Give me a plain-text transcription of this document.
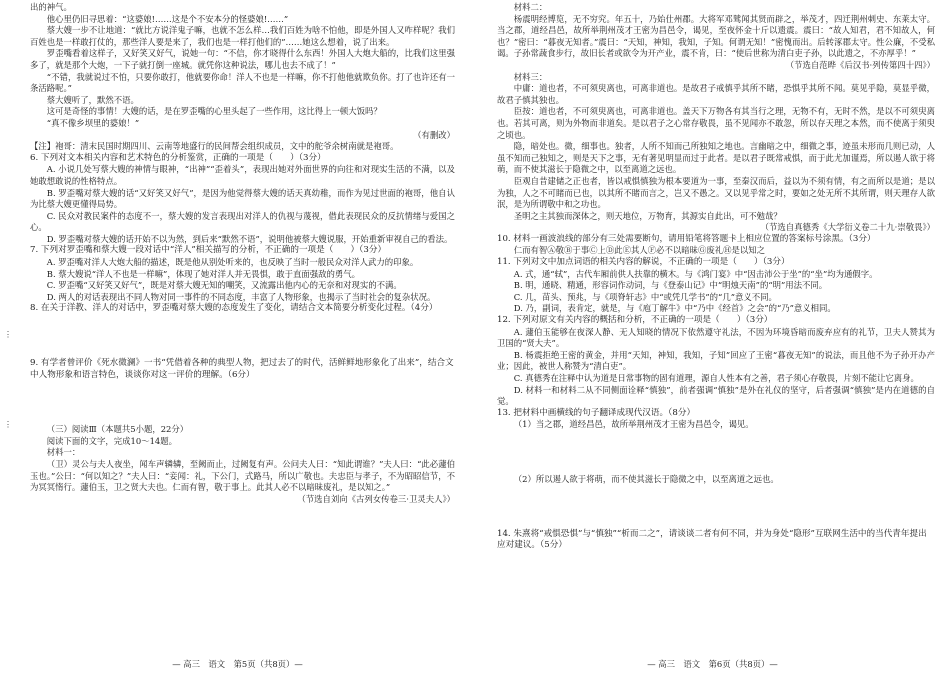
⋮
⋮

出的神气。

他心里仍旧寻思着：“这婆娘!……这是个不安本分的怪婆娘!……”

蔡大嫂一步不让地道：“就比方说洋鬼子嘛，也就不怎么样…我们百姓为啥不怕他，即是外国人又咋样呢？我们百姓也是一样敢打仗的，那些洋人要是来了，我们也是一样打他们的”……她这么想着，说了出来。

罗歪嘴看着这样子，又好笑又好气，说她一句：“不信，你才晓得什么东西！外国人大炮大船的，比我们这里强多了，就是那个大炮，一下子就打倒一座城。就凭你这种说法，哪儿也去不成了！”

“不错，我就说过不怕，只要你敢打，他就要你命！洋人不也是一样嘛，你不打他他就欺负你。打了也许还有一条活路呢。”

蔡大嫂听了，默然不语。

这可是奇怪的事情！大嫂的话，是在罗歪嘴的心里头起了一些作用，这比得上一顿大饭吗？

“真不像乡坝里的婆娘！”

（有删改）

【注】袍哥：清末民国时期四川、云南等地盛行的民间帮会组织成员，文中的舵爷余树南就是袍哥。

6. 下列对文本相关内容和艺术特色的分析鉴赏，正确的一项是（　　）（3分）

A. 小说几处写蔡大嫂的神情与眼神，“出神”“歪着头”，表现出她对外面世界的向往和对现实生活的不满，以及她敢想敢说的性格特点。

B. 罗歪嘴对蔡大嫂的话“又好笑又好气”，是因为他觉得蔡大嫂的话天真幼稚，而作为见过世面的袍哥，他自认为比蔡大嫂更懂得局势。

C. 民众对教民案件的态度不一，蔡大嫂的发言表现出对洋人的仇视与蔑视，借此表现民众的反抗情绪与爱国之心。

D. 罗歪嘴对蔡大嫂的话开始不以为然，到后来“默然不语”，说明他被蔡大嫂说服，开始重新审视自己的看法。

7. 下列对罗歪嘴和蔡大嫂一段对话中“洋人”相关描写的分析，不正确的一项是（　　）（3分）

A. 罗歪嘴对洋人大炮大船的描述，既是他从别处听来的，也反映了当时一般民众对洋人武力的印象。

B. 蔡大嫂说“洋人不也是一样嘛”，体现了她对洋人并无畏惧，敢于直面强敌的勇气。

C. 罗歪嘴“又好笑又好气”，既是对蔡大嫂无知的嘲笑，又流露出他内心的无奈和对现实的不满。

D. 两人的对话表现出不同人物对同一事件的不同态度，丰富了人物形象，也揭示了当时社会的复杂状况。

8. 在关于洋教、洋人的对话中，罗歪嘴对蔡大嫂的态度发生了变化，请结合文本简要分析变化过程。（4分）

9. 有学者曾评价《死水微澜》一书“凭借着各种的典型人物，把过去了的时代，活鲜鲜地形象化了出来”，结合文中人物形象和语言特色，谈谈你对这一评价的理解。（6分）

（三）阅读Ⅲ（本题共5小题，22分）

阅读下面的文字，完成10～14题。

材料一：

（卫）灵公与夫人夜坐，闻车声辚辚，至阙而止，过阙复有声。公问夫人曰：“知此谓谁？”夫人曰：“此必蘧伯玉也。”公曰：“何以知之？”夫人曰：“妾闻：礼，下公门，式路马，所以广敬也。夫忠臣与孝子，不为昭昭信节，不为冥冥惰行。蘧伯玉，卫之贤大夫也。仁而有智，敬于事上。此其人必不以暗昧废礼，是以知之。”

（节选自刘向《古列女传卷三·卫灵夫人》）

— 高三　语文　第5页（共8页）—

材料二：

杨震明经博览，无不穷究。年五十，乃始仕州郡。大将军邓骘闻其贤而辟之，举茂才，四迁荆州刺史、东莱太守。当之郡，道经昌邑，故所举荆州茂才王密为昌邑令，谒见，至夜怀金十斤以遗震。震曰：“故人知君，君不知故人，何也？”密曰：“暮夜无知者。”震曰：“天知，神知，我知，子知。何谓无知！”密愧而出。后转涿郡太守。性公廉，不受私谒。子孙常蔬食步行，故旧长者或欲令为开产业，震不肯，曰：“使后世称为清白吏子孙，以此遗之，不亦厚乎！”

（节选自范晔《后汉书·列传第四十四》）

材料三：

中庸：道也者，不可须臾离也，可离非道也。是故君子戒慎乎其所不睹，恐惧乎其所不闻。莫见乎隐，莫显乎微，故君子慎其独也。

臣按：道也者，不可须臾离也，可离非道也。盖天下万物各有其当行之理，无物不有，无时不然，是以不可须臾离也。若其可离，则为外物而非道矣。是以君子之心常存敬畏，虽不见闻亦不敢忽，所以存天理之本然，而不使离于须臾之顷也。

隐，暗处也。微，细事也。独者，人所不知而己所独知之地也。言幽暗之中，细微之事，迹虽未形而几则已动，人虽不知而己独知之，则是天下之事，无有著见明显而过于此者。是以君子既常戒惧，而于此尤加谨焉，所以遏人欲于将萌，而不使其滋长于隐微之中，以至离道之远也。

臣观自昔建储之正也者，皆以戒惧慎独为根本要道为一事，至秦汉而后，益以为不须有情，有之而所以是道；是以为独，人之不可睹而已也，以其所不睹而言之，岂又不愚之。又以见乎常之时，要如之处无所不其所谓，则天理存人欲泯，是为所谓敬中和之功也。

圣明之主其独而深体之，则天地位，万物育，其源实自此出，可不勉哉？

（节选自真德秀《大学衍义卷二十九·崇敬畏》）

10. 材料一画波浪线的部分有三处需要断句，请用铅笔将答题卡上相应位置的答案标号涂黑。（3分）

仁而有智Ⓐ敬Ⓑ于事Ⓒ上Ⓓ此Ⓔ其人Ⓕ必不以暗昧Ⓖ废礼Ⓗ是以知之

11. 下列对文中加点词语的相关内容的解说，不正确的一项是（　　）（3分）

A. 式，通“轼”，古代车厢前供人扶靠的横木。与《鸿门宴》中“因击沛公于坐”的“坐”均为通假字。

B. 明，通晓、精通，形容词作动词，与《登泰山记》中“明烛天南”的“明”用法不同。

C. 几，苗头、预兆，与《项脊轩志》中“或凭几学书”的“几”意义不同。

D. 乃，副词，表肯定，就是，与《庖丁解牛》中“乃中《经首》之会”的“乃”意义相同。

12. 下列对原文有关内容的概括和分析，不正确的一项是（　　）（3分）

A. 蘧伯玉能够在夜深人静、无人知晓的情况下依然遵守礼法，不因为环境昏暗而废弃应有的礼节，卫夫人赞其为卫国的“贤大夫”。

B. 杨震拒绝王密的黄金，并用“天知，神知，我知，子知”回应了王密“暮夜无知”的说法，而且他不为子孙开办产业；因此，被世人称赞为“清白吏”。

C. 真德秀在注释中认为道是日常事物的固有道理，源自人性本有之善，君子须心存敬畏，片刻不能让它离身。

D. 材料一和材料二从不同侧面诠释“慎独”，前者强调“慎独”是外在礼仪的坚守，后者强调“慎独”是内在道德的自觉。

13. 把材料中画横线的句子翻译成现代汉语。（8分）

（1）当之郡，道经昌邑，故所举荆州茂才王密为昌邑令，谒见。

（2）所以遏人欲于将萌，而不使其滋长于隐微之中，以至离道之远也。

14. 朱熹将“戒惧恐惧”与“慎独”“析而二之”，请谈谈二者有何不同，并为身处“隐形”互联网生活中的当代青年提出应对建议。（5分）

— 高三　语文　第6页（共8页）—
